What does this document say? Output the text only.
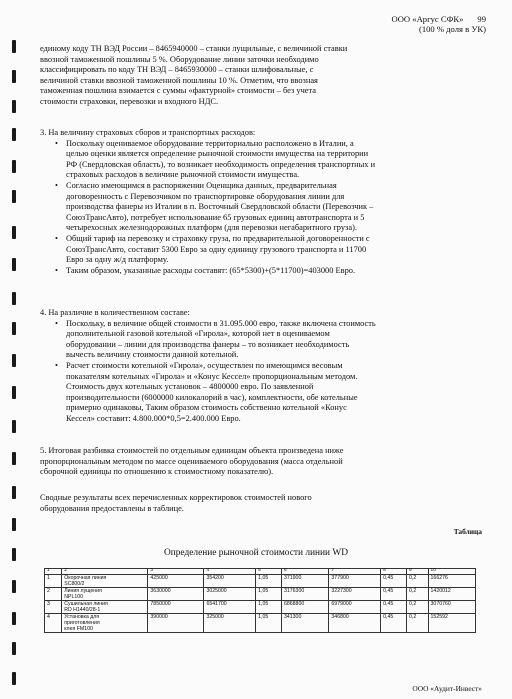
ООО «Аргус СФК» 99
(100 % доля в УК)
единому коду ТН ВЭД России – 8465940000 – станки лущильные, с величиной ставки
ввозной таможенной пошлины 5 %. Оборудование линии заточки необходимо
классифицировать по коду ТН ВЭД – 8465930000 – станки шлифовальные, с
величиной ставки ввозной таможенной пошлины 10 %. Отметим, что ввозная
таможенная пошлина взимается с суммы «фактурной» стоимости – без учета
стоимости страховки, перевозки и входного НДС.

3. На величину страховых сборов и транспортных расходов:

• Поскольку оцениваемое оборудование территориально расположено в Италии, а
целью оценки является определение рыночной стоимости имущества на территории
РФ (Свердловская область), то возникает необходимость определения транспортных и
страховых расходов в величине рыночной стоимости имущества.
• Согласно имеющимся в распоряжении Оценщика данных, предварительная
договоренность с Перевозчиком по транспортировке оборудования линии для
производства фанеры из Италии в п. Восточный Свердловской области (Перевозчик –
СоюзТрансАвто), потребует использование 65 грузовых единиц автотранспорта и 5
четырехосных железнодорожных платформ (для перевозки негабаритного груза).
• Общий тариф на перевозку и страховку груза, по предварительной договоренности с
СоюзТрансАвто, составит 5300 Евро за одну единицу грузового транспорта и 11700
Евро за одну ж/д платформу.
• Таким образом, указанные расходы составят: (65*5300)+(5*11700)=403000 Евро.

4. На различие в количественном составе:

• Поскольку, в величине общей стоимости в 31.095.000 евро, также включена стоимость
дополнительной газовой котельной «Гирола», которой нет в оцениваемом
оборудовании – линии для производства фанеры – то возникает необходимость
вычесть величину стоимости данной котельной.
• Расчет стоимости котельной «Гирола», осуществлен по имеющимся весовым
показателям котельных «Гирола» и «Конус Кессел» пропорциональным методом.
Стоимость двух котельных установок – 4800000 евро. По заявленной
производительности (6000000 килокалорий в час), комплектности, обе котельные
примерно одинаковы, Таким образом стоимость собственно котельной «Конус
Кессел» составит: 4.800.000*0,5=2.400.000 Евро.
5. Итоговая разбивка стоимостей по отдельным единицам объекта произведена ниже
пропорциональным методом по массе оцениваемого оборудования (масса отдельной
сборочной единицы по отношению к стоимостному показателю).
Сводные результаты всех перечисленных корректировок стоимостей нового
оборудования предоставлены в таблице.
Таблица
Определение рыночной стоимости линии WD
1	2	3	4	5	6	7	8	9	10

1	Окорочная линия
SC800/2	425000	354200	1,05	371900	377900	0,45	0,2	166276

2	Линия лущения
NPL100	3630000	3025000	1,05	3176300	3227300	0,45	0,2	1420012

3	Сушильная линия
RD H1440/28-1	7850000	6541700	1,05	6868800	6979000	0,45	0,2	3070760

4	Установка для
приготовления
клея FM100	390000	325000	1,05	341300	346800	0,45	0,2	152592
ООО «Аудит-Инвест»
